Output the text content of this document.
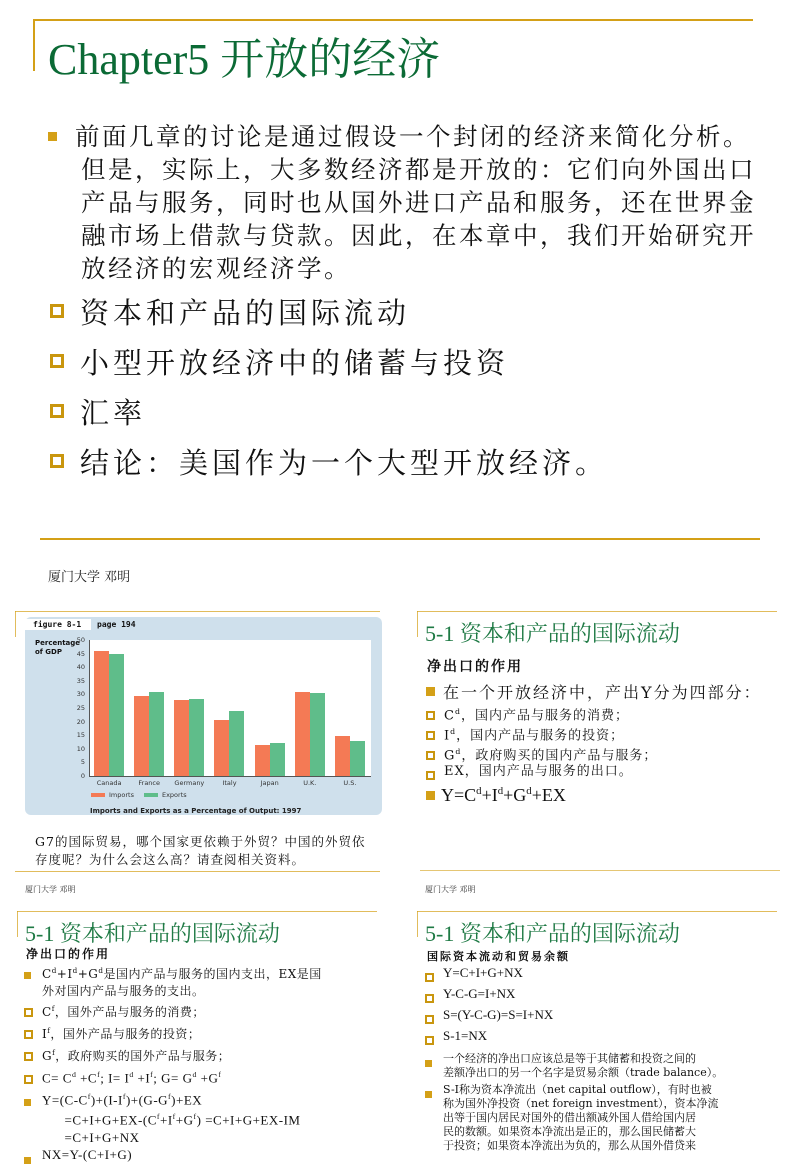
Chapter5 开放的经济
前面几章的讨论是通过假设一个封闭的经济来简化分析。
但是，实际上，大多数经济都是开放的：它们向外国出口
产品与服务，同时也从国外进口产品和服务，还在世界金
融市场上借款与贷款。因此，在本章中，我们开始研究开
放经济的宏观经济学。
资本和产品的国际流动
小型开放经济中的储蓄与投资
汇率
结论：美国作为一个大型开放经济。
厦门大学 邓明
figure 8-1	page 194
Percentage
of GDP
0
5
10
15
20
25
30
35
40
45
50
Canada	France	Germany	Italy	Japan	U.K.	U.S.
Imports	Exports
Imports and Exports as a Percentage of Output: 1997
G7的国际贸易，哪个国家更依赖于外贸？中国的外贸依
存度呢？为什么会这么高？请查阅相关资料。
厦门大学 邓明
5-1 资本和产品的国际流动
净出口的作用
在一个开放经济中，产出Y分为四部分：
$C^d$，国内产品与服务的消费；
$I^d$，国内产品与服务的投资；
$G^d$，政府购买的国内产品与服务；
EX，国内产品与服务的出口。
$Y=C^d+I^d+G^d+EX$
厦门大学 邓明
5-1 资本和产品的国际流动
净出口的作用
$C^d+I^d+G^d$是国内产品与服务的国内支出，EX是国
外对国内产品与服务的支出。
$C^f$，国外产品与服务的消费；
$I^f$，国外产品与服务的投资；
$G^f$，政府购买的国外产品与服务；
$C= C^d +C^f$; $I= I^d +I^f$; $G= G^d +G^f$
$Y=(C-C^f)+(I-I^f)+(G-G^f)+EX$
$=C+I+G+EX-(C^f+I^f+G^f) =C+I+G+EX-IM$
=C+I+G+NX
NX=Y-(C+I+G)
5-1 资本和产品的国际流动
国际资本流动和贸易余额
Y=C+I+G+NX
Y-C-G=I+NX
S=(Y-C-G)=S=I+NX
S-1=NX
一个经济的净出口应该总是等于其储蓄和投资之间的
差额净出口的另一个名字是贸易余额（trade balance）。
S-I称为资本净流出（net capital outflow），有时也被
称为国外净投资（net foreign investment），资本净流
出等于国内居民对国外的借出额减外国人借给国内居
民的数额。如果资本净流出是正的，那么国民储蓄大
于投资；如果资本净流出为负的，那么从国外借贷来
